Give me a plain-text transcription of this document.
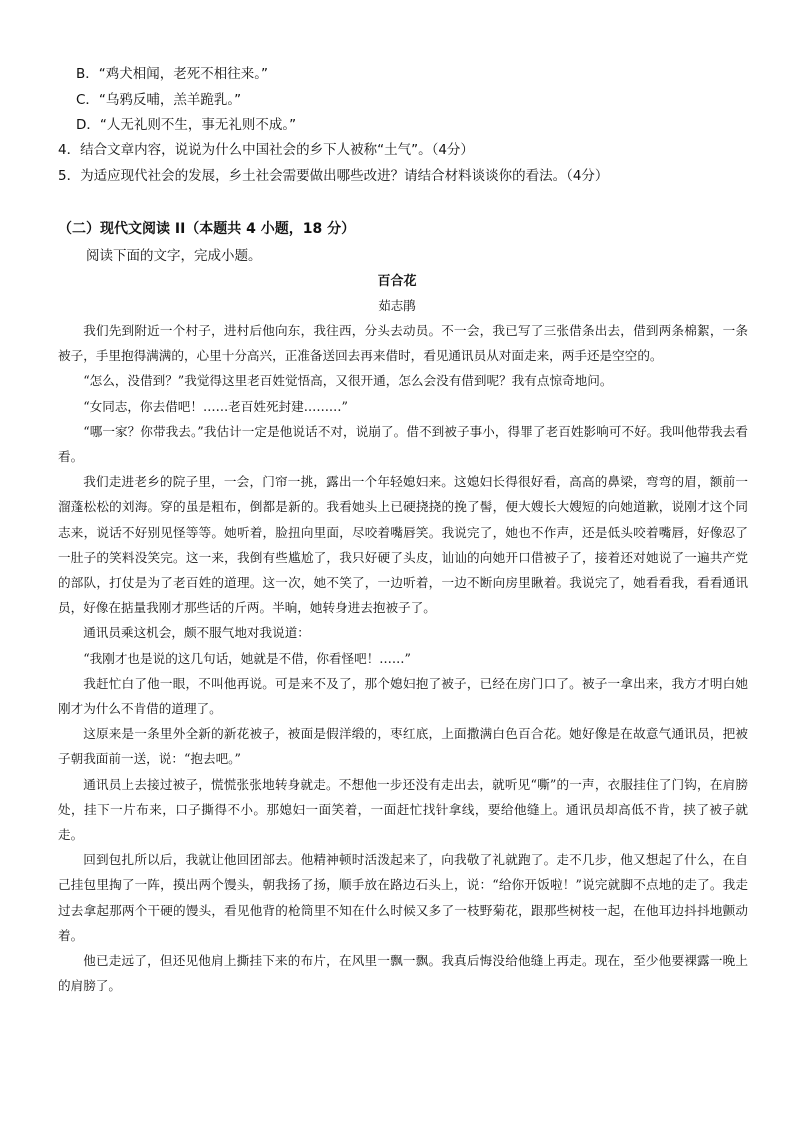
B．“鸡犬相闻，老死不相往来。”
C．“乌鸦反哺，羔羊跪乳。”
D．“人无礼则不生，事无礼则不成。”
4．结合文章内容，说说为什么中国社会的乡下人被称“土气”。（4分）
5．为适应现代社会的发展，乡土社会需要做出哪些改进？请结合材料谈谈你的看法。（4分）
（二）现代文阅读 II（本题共 4 小题，18 分）
阅读下面的文字，完成小题。
百合花
茹志鹃

我们先到附近一个村子，进村后他向东，我往西，分头去动员。不一会，我已写了三张借条出去，借到两条棉絮，一条被子，手里抱得满满的，心里十分高兴，正准备送回去再来借时，看见通讯员从对面走来，两手还是空空的。

“怎么，没借到？”我觉得这里老百姓觉悟高，又很开通，怎么会没有借到呢？我有点惊奇地问。

“女同志，你去借吧！……老百姓死封建………”

“哪一家？你带我去。”我估计一定是他说话不对，说崩了。借不到被子事小，得罪了老百姓影响可不好。我叫他带我去看看。

我们走进老乡的院子里，一会，门帘一挑，露出一个年轻媳妇来。这媳妇长得很好看，高高的鼻梁，弯弯的眉，额前一溜蓬松松的刘海。穿的虽是粗布，倒都是新的。我看她头上已硬挠挠的挽了髻，便大嫂长大嫂短的向她道歉，说刚才这个同志来，说话不好别见怪等等。她听着，脸扭向里面，尽咬着嘴唇笑。我说完了，她也不作声，还是低头咬着嘴唇，好像忍了一肚子的笑料没笑完。这一来，我倒有些尴尬了，我只好硬了头皮，讪讪的向她开口借被子了，接着还对她说了一遍共产党的部队，打仗是为了老百姓的道理。这一次，她不笑了，一边听着，一边不断向房里瞅着。我说完了，她看看我，看看通讯员，好像在掂量我刚才那些话的斤两。半晌，她转身进去抱被子了。

通讯员乘这机会，颇不服气地对我说道：

“我刚才也是说的这几句话，她就是不借，你看怪吧！……”

我赶忙白了他一眼，不叫他再说。可是来不及了，那个媳妇抱了被子，已经在房门口了。被子一拿出来，我方才明白她刚才为什么不肯借的道理了。

这原来是一条里外全新的新花被子，被面是假洋缎的，枣红底，上面撒满白色百合花。她好像是在故意气通讯员，把被子朝我面前一送，说：“抱去吧。”

通讯员上去接过被子，慌慌张张地转身就走。不想他一步还没有走出去，就听见“嘶”的一声，衣服挂住了门钩，在肩膀处，挂下一片布来，口子撕得不小。那媳妇一面笑着，一面赶忙找针拿线，要给他缝上。通讯员却高低不肯，挟了被子就走。

回到包扎所以后，我就让他回团部去。他精神顿时活泼起来了，向我敬了礼就跑了。走不几步，他又想起了什么，在自己挂包里掏了一阵，摸出两个馒头，朝我扬了扬，顺手放在路边石头上，说：“给你开饭啦！”说完就脚不点地的走了。我走过去拿起那两个干硬的馒头，看见他背的枪筒里不知在什么时候又多了一枝野菊花，跟那些树枝一起，在他耳边抖抖地颤动着。

他已走远了，但还见他肩上撕挂下来的布片，在风里一飘一飘。我真后悔没给他缝上再走。现在，至少他要裸露一晚上的肩膀了。
